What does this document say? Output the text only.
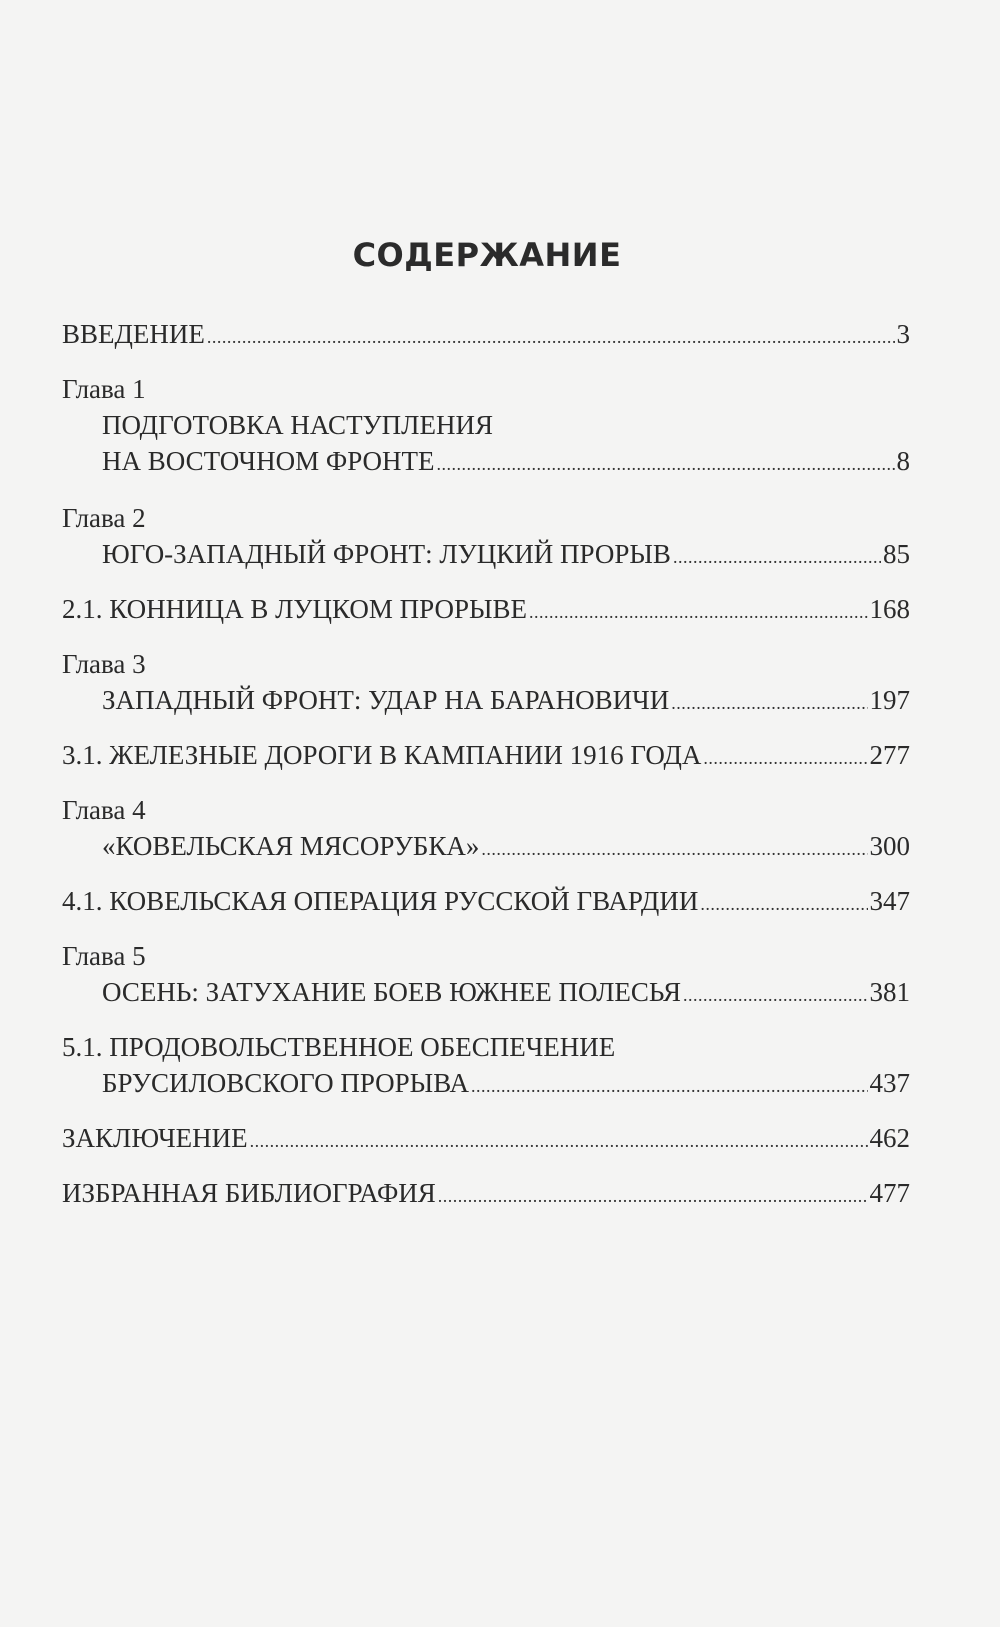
СОДЕРЖАНИЕ
ВВЕДЕНИЕ .....	3
Глава 1
ПОДГОТОВКА НАСТУПЛЕНИЯ
НА ВОСТОЧНОМ ФРОНТЕ .....	8
Глава 2
ЮГО-ЗАПАДНЫЙ ФРОНТ: ЛУЦКИЙ ПРОРЫВ .....	85
2.1. КОННИЦА В ЛУЦКОМ ПРОРЫВЕ .....	168
Глава 3
ЗАПАДНЫЙ ФРОНТ: УДАР НА БАРАНОВИЧИ .....	197
3.1. ЖЕЛЕЗНЫЕ ДОРОГИ В КАМПАНИИ 1916 ГОДА .....	277
Глава 4
«КОВЕЛЬСКАЯ МЯСОРУБКА» .....	300
4.1. КОВЕЛЬСКАЯ ОПЕРАЦИЯ РУССКОЙ ГВАРДИИ .....	347
Глава 5
ОСЕНЬ: ЗАТУХАНИЕ БОЕВ ЮЖНЕЕ ПОЛЕСЬЯ .....	381
5.1. ПРОДОВОЛЬСТВЕННОЕ ОБЕСПЕЧЕНИЕ
БРУСИЛОВСКОГО ПРОРЫВА .....	437
ЗАКЛЮЧЕНИЕ .....	462
ИЗБРАННАЯ БИБЛИОГРАФИЯ .....	477
